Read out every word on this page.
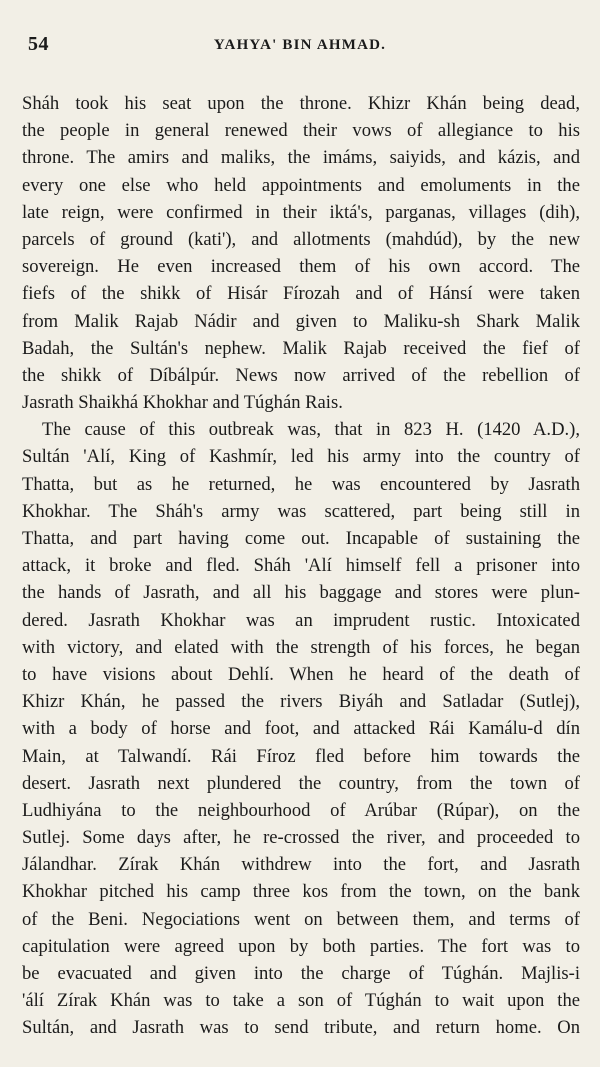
54	YAHYA' BIN AHMAD.
Sháh took his seat upon the throne. Khizr Khán being dead,
the people in general renewed their vows of allegiance to his
throne. The amirs and maliks, the imáms, saiyids, and kázis, and
every one else who held appointments and emoluments in the
late reign, were confirmed in their iktá's, parganas, villages (dih),
parcels of ground (kati'), and allotments (mahdúd), by the new
sovereign. He even increased them of his own accord. The
fiefs of the shikk of Hisár Fírozah and of Hánsí were taken
from Malik Rajab Nádir and given to Maliku-sh Shark Malik
Badah, the Sultán's nephew. Malik Rajab received the fief of
the shikk of Díbálpúr. News now arrived of the rebellion of
Jasrath Shaikhá Khokhar and Túghán Rais.
The cause of this outbreak was, that in 823 H. (1420 A.D.),
Sultán 'Alí, King of Kashmír, led his army into the country of
Thatta, but as he returned, he was encountered by Jasrath
Khokhar. The Sháh's army was scattered, part being still in
Thatta, and part having come out. Incapable of sustaining the
attack, it broke and fled. Sháh 'Alí himself fell a prisoner into
the hands of Jasrath, and all his baggage and stores were plun-
dered. Jasrath Khokhar was an imprudent rustic. Intoxicated
with victory, and elated with the strength of his forces, he began
to have visions about Dehlí. When he heard of the death of
Khizr Khán, he passed the rivers Biyáh and Satladar (Sutlej),
with a body of horse and foot, and attacked Rái Kamálu-d dín
Main, at Talwandí. Rái Fíroz fled before him towards the
desert. Jasrath next plundered the country, from the town of
Ludhiyána to the neighbourhood of Arúbar (Rúpar), on the
Sutlej. Some days after, he re-crossed the river, and proceeded to
Jálandhar. Zírak Khán withdrew into the fort, and Jasrath
Khokhar pitched his camp three kos from the town, on the bank
of the Beni. Negociations went on between them, and terms of
capitulation were agreed upon by both parties. The fort was to
be evacuated and given into the charge of Túghán. Majlis-i
'álí Zírak Khán was to take a son of Túghán to wait upon the
Sultán, and Jasrath was to send tribute, and return home. On
